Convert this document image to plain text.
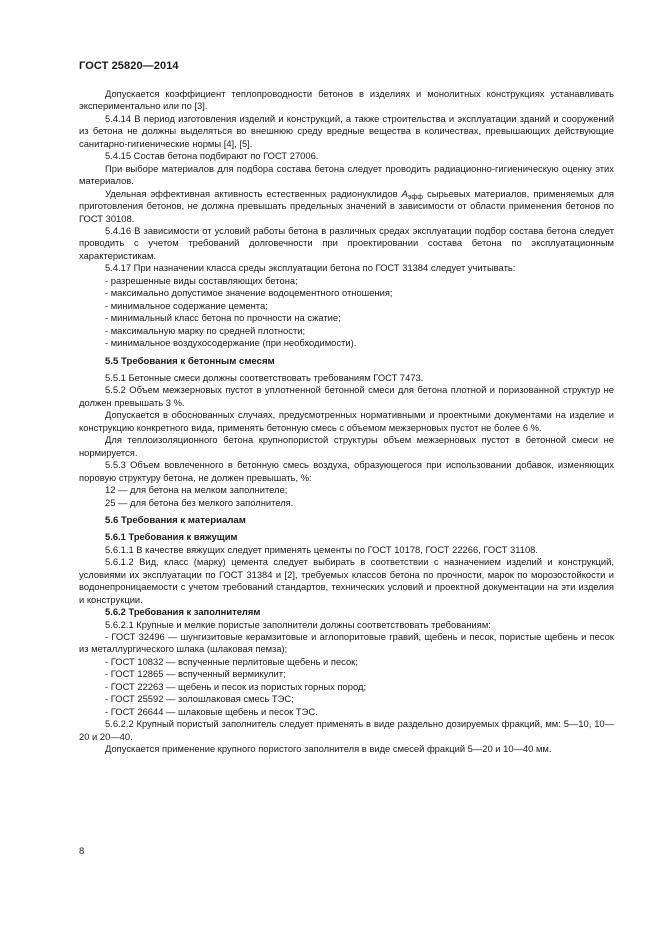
ГОСТ 25820—2014

Допускается коэффициент теплопроводности бетонов в изделиях и монолитных конструкциях устанавливать экспериментально или по [3].

5.4.14 В период изготовления изделий и конструкций, а также строительства и эксплуатации зданий и сооружений из бетона не должны выделяться во внешнюю среду вредные вещества в количествах, превышающих действующие санитарно-гигиенические нормы [4], [5].

5.4.15 Состав бетона подбирают по ГОСТ 27006.

При выборе материалов для подбора состава бетона следует проводить радиационно-гигиеническую оценку этих материалов.

Удельная эффективная активность естественных радионуклидов $A_{эфф}$ сырьевых материалов, применяемых для приготовления бетонов, не должна превышать предельных значений в зависимости от области применения бетонов по ГОСТ 30108.

5.4.16 В зависимости от условий работы бетона в различных средах эксплуатации подбор состава бетона следует проводить с учетом требований долговечности при проектировании состава бетона по эксплуатационным характеристикам.

5.4.17 При назначении класса среды эксплуатации бетона по ГОСТ 31384 следует учитывать:

- разрешенные виды составляющих бетона;

- максимально допустимое значение водоцементного отношения;

- минимальное содержание цемента;

- минимальный класс бетона по прочности на сжатие;

- максимальную марку по средней плотности;

- минимальное воздухосодержание (при необходимости).

5.5 Требования к бетонным смесям

5.5.1 Бетонные смеси должны соответствовать требованиям ГОСТ 7473.

5.5.2 Объем межзерновых пустот в уплотненной бетонной смеси для бетона плотной и поризованной структур не должен превышать 3 %.

Допускается в обоснованных случаях, предусмотренных нормативными и проектными документами на изделие и конструкцию конкретного вида, применять бетонную смесь с объемом межзерновых пустот не более 6 %.

Для теплоизоляционного бетона крупнопористой структуры объем межзерновых пустот в бетонной смеси не нормируется.

5.5.3 Объем вовлеченного в бетонную смесь воздуха, образующегося при использовании добавок, изменяющих поровую структуру бетона, не должен превышать, %:

12 — для бетона на мелком заполнителе;

25 — для бетона без мелкого заполнителя.

5.6 Требования к материалам

5.6.1 Требования к вяжущим

5.6.1.1 В качестве вяжущих следует применять цементы по ГОСТ 10178, ГОСТ 22266, ГОСТ 31108.

5.6.1.2 Вид, класс (марку) цемента следует выбирать в соответствии с назначением изделий и конструкций, условиями их эксплуатации по ГОСТ 31384 и [2], требуемых классов бетона по прочности, марок по морозостойкости и водонепроницаемости с учетом требований стандартов, технических условий и проектной документации на эти изделия и конструкции.

5.6.2 Требования к заполнителям

5.6.2.1 Крупные и мелкие пористые заполнители должны соответствовать требованиям:

- ГОСТ 32496 — шунгизитовые керамзитовые и аглопоритовые гравий, щебень и песок, пористые щебень и песок из металлургического шлака (шлаковая пемза);

- ГОСТ 10832 — вспученные перлитовые щебень и песок;

- ГОСТ 12865 — вспученный вермикулит;

- ГОСТ 22263 — щебень и песок из пористых горных пород;

- ГОСТ 25592 — золошлаковая смесь ТЭС;

- ГОСТ 26644 — шлаковые щебень и песок ТЭС.

5.6.2.2 Крупный пористый заполнитель следует применять в виде раздельно дозируемых фракций, мм: 5—10, 10—20 и 20—40.

Допускается применение крупного пористого заполнителя в виде смесей фракций 5—20 и 10—40 мм.

8
